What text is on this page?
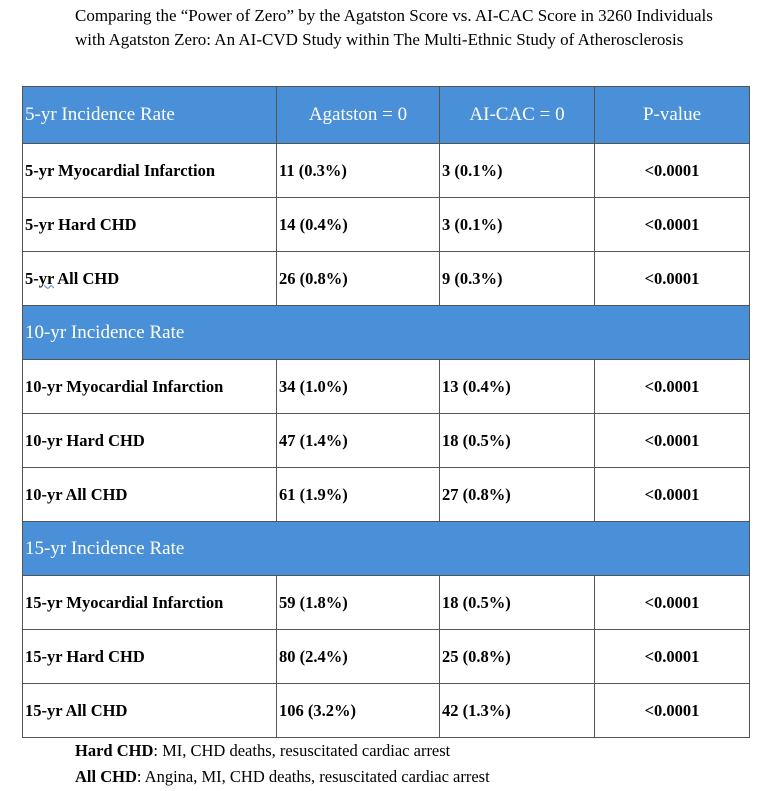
Comparing the “Power of Zero” by the Agatston Score vs. AI-CAC Score in 3260 Individuals with Agatston Zero: An AI-CVD Study within The Multi-Ethnic Study of Atherosclerosis
5-yr Incidence Rate	Agatston = 0	AI-CAC = 0	P-value
5-yr Myocardial Infarction	11 (0.3%)	3 (0.1%)	<0.0001
5-yr Hard CHD	14 (0.4%)	3 (0.1%)	<0.0001
5-yr All CHD	26 (0.8%)	9 (0.3%)	<0.0001
10-yr Incidence Rate			
10-yr Myocardial Infarction	34 (1.0%)	13 (0.4%)	<0.0001
10-yr Hard CHD	47 (1.4%)	18 (0.5%)	<0.0001
10-yr All CHD	61 (1.9%)	27 (0.8%)	<0.0001
15-yr Incidence Rate			
15-yr Myocardial Infarction	59 (1.8%)	18 (0.5%)	<0.0001
15-yr Hard CHD	80 (2.4%)	25 (0.8%)	<0.0001
15-yr All CHD	106 (3.2%)	42 (1.3%)	<0.0001
Hard CHD: MI, CHD deaths, resuscitated cardiac arrest
All CHD: Angina, MI, CHD deaths, resuscitated cardiac arrest
